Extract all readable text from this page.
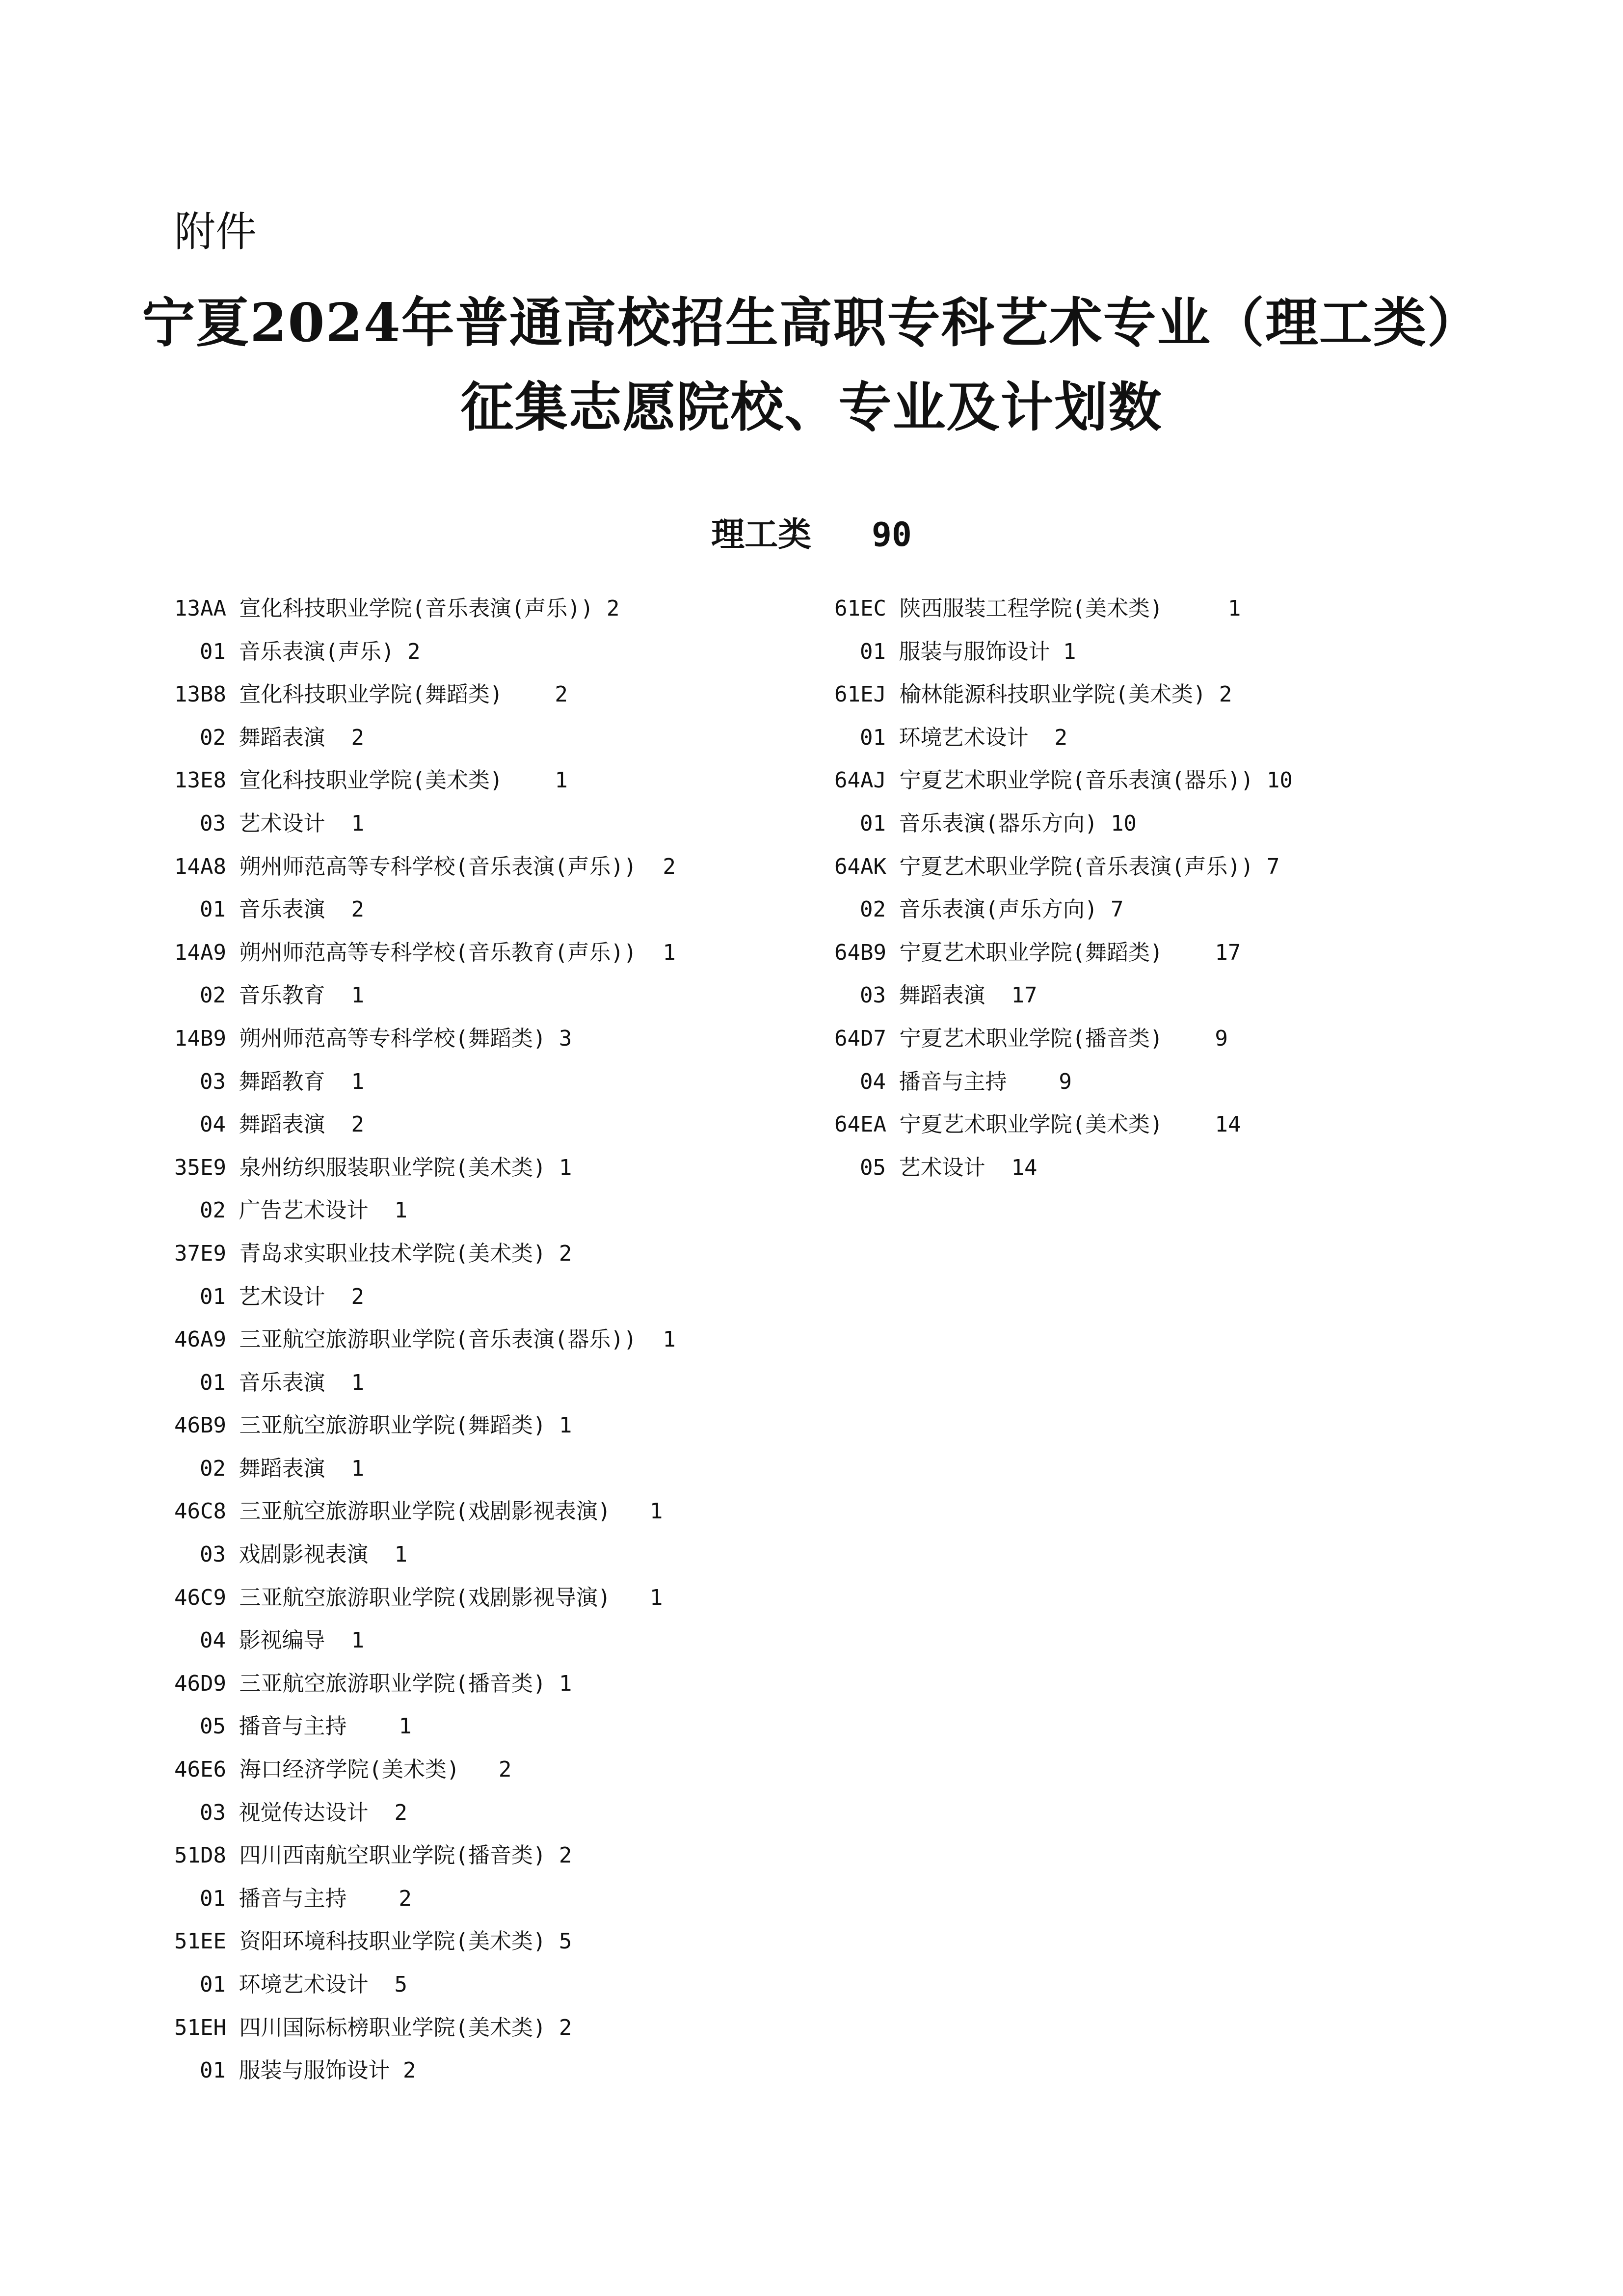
附件
宁夏2024年普通高校招生高职专科艺术专业（理工类）
征集志愿院校、专业及计划数
理工类 90
13AA 宣化科技职业学院(音乐表演(声乐)) 2
01 音乐表演(声乐) 2
13B8 宣化科技职业学院(舞蹈类)    2
02 舞蹈表演  2
13E8 宣化科技职业学院(美术类)    1
03 艺术设计  1
14A8 朔州师范高等专科学校(音乐表演(声乐))  2
01 音乐表演  2
14A9 朔州师范高等专科学校(音乐教育(声乐))  1
02 音乐教育  1
14B9 朔州师范高等专科学校(舞蹈类) 3
03 舞蹈教育  1
04 舞蹈表演  2
35E9 泉州纺织服装职业学院(美术类) 1
02 广告艺术设计  1
37E9 青岛求实职业技术学院(美术类) 2
01 艺术设计  2
46A9 三亚航空旅游职业学院(音乐表演(器乐))  1
01 音乐表演  1
46B9 三亚航空旅游职业学院(舞蹈类) 1
02 舞蹈表演  1
46C8 三亚航空旅游职业学院(戏剧影视表演)   1
03 戏剧影视表演  1
46C9 三亚航空旅游职业学院(戏剧影视导演)   1
04 影视编导  1
46D9 三亚航空旅游职业学院(播音类) 1
05 播音与主持    1
46E6 海口经济学院(美术类)   2
03 视觉传达设计  2
51D8 四川西南航空职业学院(播音类) 2
01 播音与主持    2
51EE 资阳环境科技职业学院(美术类) 5
01 环境艺术设计  5
51EH 四川国际标榜职业学院(美术类) 2
01 服装与服饰设计 2
61EC 陕西服装工程学院(美术类)     1
01 服装与服饰设计 1
61EJ 榆林能源科技职业学院(美术类) 2
01 环境艺术设计  2
64AJ 宁夏艺术职业学院(音乐表演(器乐)) 10
01 音乐表演(器乐方向) 10
64AK 宁夏艺术职业学院(音乐表演(声乐)) 7
02 音乐表演(声乐方向) 7
64B9 宁夏艺术职业学院(舞蹈类)    17
03 舞蹈表演  17
64D7 宁夏艺术职业学院(播音类)    9
04 播音与主持    9
64EA 宁夏艺术职业学院(美术类)    14
05 艺术设计  14
